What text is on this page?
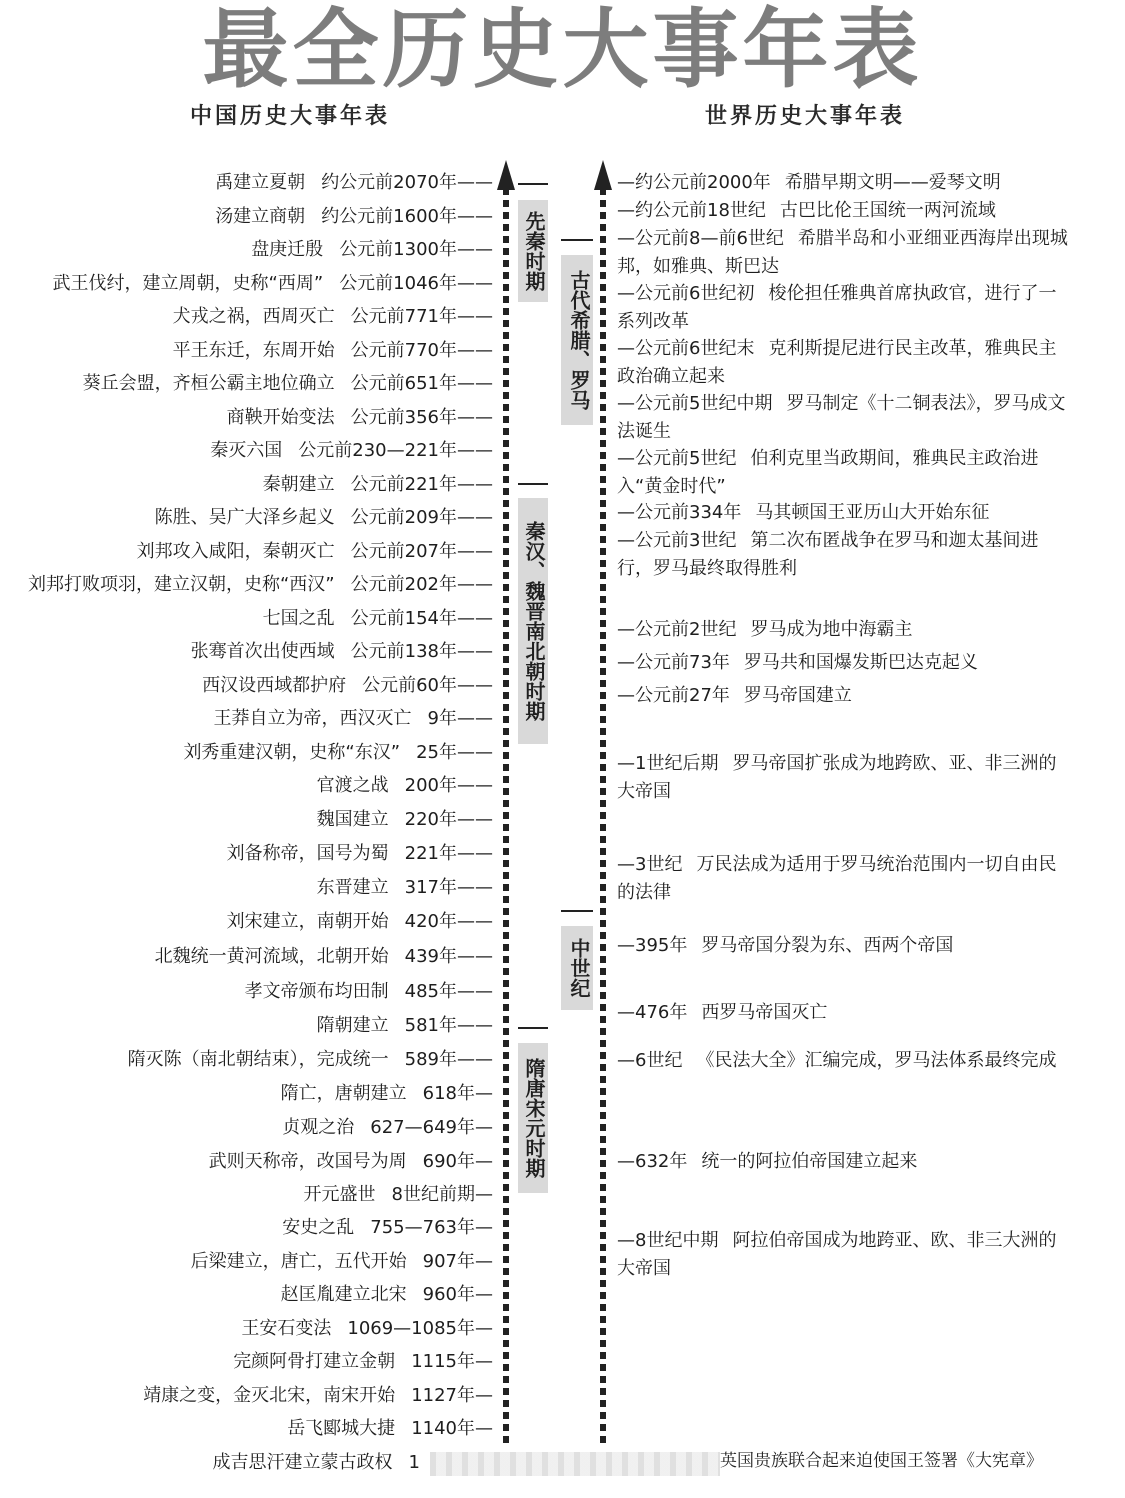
最全历史大事年表
中国历史大事年表	世界历史大事年表
先秦时期
秦汉、魏晋南北朝时期
隋唐宋元时期
古代希腊、罗马
中世纪
禹建立夏朝 约公元前2070年——
汤建立商朝 约公元前1600年——
盘庚迁殷 公元前1300年——
武王伐纣，建立周朝，史称“西周” 公元前1046年——
犬戎之祸，西周灭亡 公元前771年——
平王东迁，东周开始 公元前770年——
葵丘会盟，齐桓公霸主地位确立 公元前651年——
商鞅开始变法 公元前356年——
秦灭六国 公元前230—221年——
秦朝建立 公元前221年——
陈胜、吴广大泽乡起义 公元前209年——
刘邦攻入咸阳，秦朝灭亡 公元前207年——
刘邦打败项羽，建立汉朝，史称“西汉” 公元前202年——
七国之乱 公元前154年——
张骞首次出使西域 公元前138年——
西汉设西域都护府 公元前60年——
王莽自立为帝，西汉灭亡 9年——
刘秀重建汉朝，史称“东汉” 25年——
官渡之战 200年——
魏国建立 220年——
刘备称帝，国号为蜀 221年——
东晋建立 317年——
刘宋建立，南朝开始 420年——
北魏统一黄河流域，北朝开始 439年——
孝文帝颁布均田制 485年——
隋朝建立 581年——
隋灭陈（南北朝结束），完成统一 589年——
隋亡，唐朝建立 618年—
贞观之治 627—649年—
武则天称帝，改国号为周 690年—
开元盛世 8世纪前期—
安史之乱 755—763年—
后梁建立，唐亡，五代开始 907年—
赵匡胤建立北宋 960年—
王安石变法 1069—1085年—
完颜阿骨打建立金朝 1115年—
靖康之变，金灭北宋，南宋开始 1127年—
岳飞郾城大捷 1140年—
成吉思汗建立蒙古政权 1
—约公元前2000年 希腊早期文明——爱琴文明
—约公元前18世纪 古巴比伦王国统一两河流域
—公元前8—前6世纪 希腊半岛和小亚细亚西海岸出现城邦，如雅典、斯巴达
—公元前6世纪初 梭伦担任雅典首席执政官，进行了一系列改革
—公元前6世纪末 克利斯提尼进行民主改革，雅典民主政治确立起来
—公元前5世纪中期 罗马制定《十二铜表法》，罗马成文法诞生
—公元前5世纪 伯利克里当政期间，雅典民主政治进入“黄金时代”
—公元前334年 马其顿国王亚历山大开始东征
—公元前3世纪 第二次布匿战争在罗马和迦太基间进行，罗马最终取得胜利
—公元前2世纪 罗马成为地中海霸主
—公元前73年 罗马共和国爆发斯巴达克起义
—公元前27年 罗马帝国建立
—1世纪后期 罗马帝国扩张成为地跨欧、亚、非三洲的大帝国
—3世纪 万民法成为适用于罗马统治范围内一切自由民的法律
—395年 罗马帝国分裂为东、西两个帝国
—476年 西罗马帝国灭亡
—6世纪 《民法大全》汇编完成，罗马法体系最终完成
—632年 统一的阿拉伯帝国建立起来
—8世纪中期 阿拉伯帝国成为地跨亚、欧、非三大洲的大帝国
英国贵族联合起来迫使国王签署《大宪章》
